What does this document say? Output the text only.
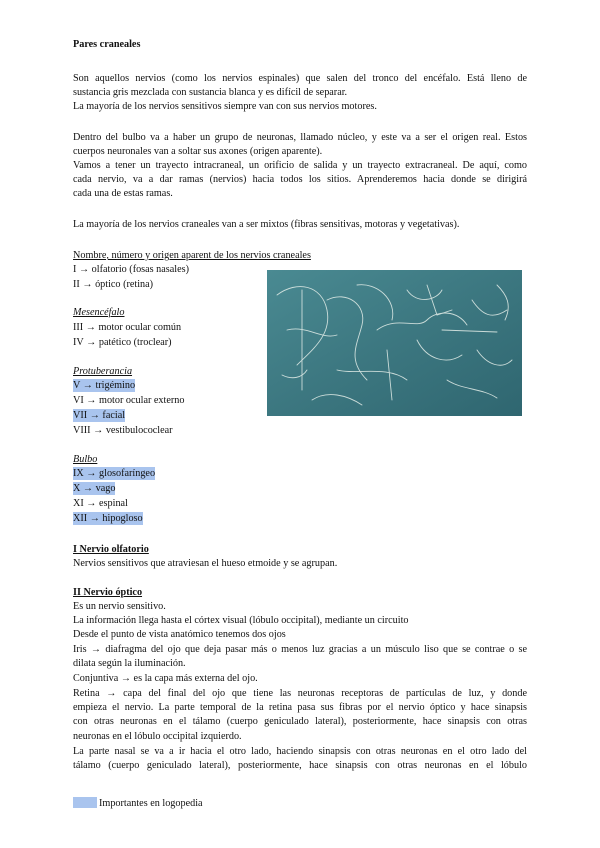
Pares craneales
Son aquellos nervios (como los nervios espinales) que salen del tronco del encéfalo. Está lleno de
sustancia gris mezclada con sustancia blanca y es difícil de separar.
La mayoría de los nervios sensitivos siempre van con sus nervios motores.
Dentro del bulbo va a haber un grupo de neuronas, llamado núcleo, y este va a ser el origen real. Estos
cuerpos neuronales van a soltar sus axones (origen aparente).
Vamos a tener un trayecto intracraneal, un orificio de salida y un trayecto extracraneal. De aquí, como
cada nervio, va a dar ramas (nervios) hacia todos los sitios. Aprenderemos hacia donde se dirigirá
cada una de estas ramas.
La mayoría de los nervios craneales van a ser mixtos (fibras sensitivas, motoras y vegetativas).
Nombre, número y origen aparent de los nervios craneales
I → olfatorio (fosas nasales)
II → óptico (retina)
Mesencéfalo
III → motor ocular común
IV → patético (troclear)
Protuberancia
V → trigémino
VI → motor ocular externo
VII → facial
VIII → vestibulococlear
Bulbo
IX → glosofaríngeo
X → vago
XI → espinal
XII → hipogloso
I Nervio olfatorio
Nervios sensitivos que atraviesan el hueso etmoide y se agrupan.
II Nervio óptico
Es un nervio sensitivo.
La información llega hasta el córtex visual (lóbulo occipital), mediante un circuito
Desde el punto de vista anatómico tenemos dos ojos
Iris → diafragma del ojo que deja pasar más o menos luz gracias a un músculo liso que se contrae o se
dilata según la iluminación.
Conjuntiva → es la capa más externa del ojo.
Retina → capa del final del ojo que tiene las neuronas receptoras de partículas de luz, y donde
empieza el nervio. La parte temporal de la retina pasa sus fibras por el nervio óptico y hace sinapsis
con otras neuronas en el tálamo (cuerpo geniculado lateral), posteriormente, hace sinapsis con otras
neuronas en el lóbulo occipital izquierdo.
La parte nasal se va a ir hacia el otro lado, haciendo sinapsis con otras neuronas en el otro lado del
tálamo (cuerpo geniculado lateral), posteriormente, hace sinapsis con otras neuronas en el lóbulo
Importantes en logopedia
